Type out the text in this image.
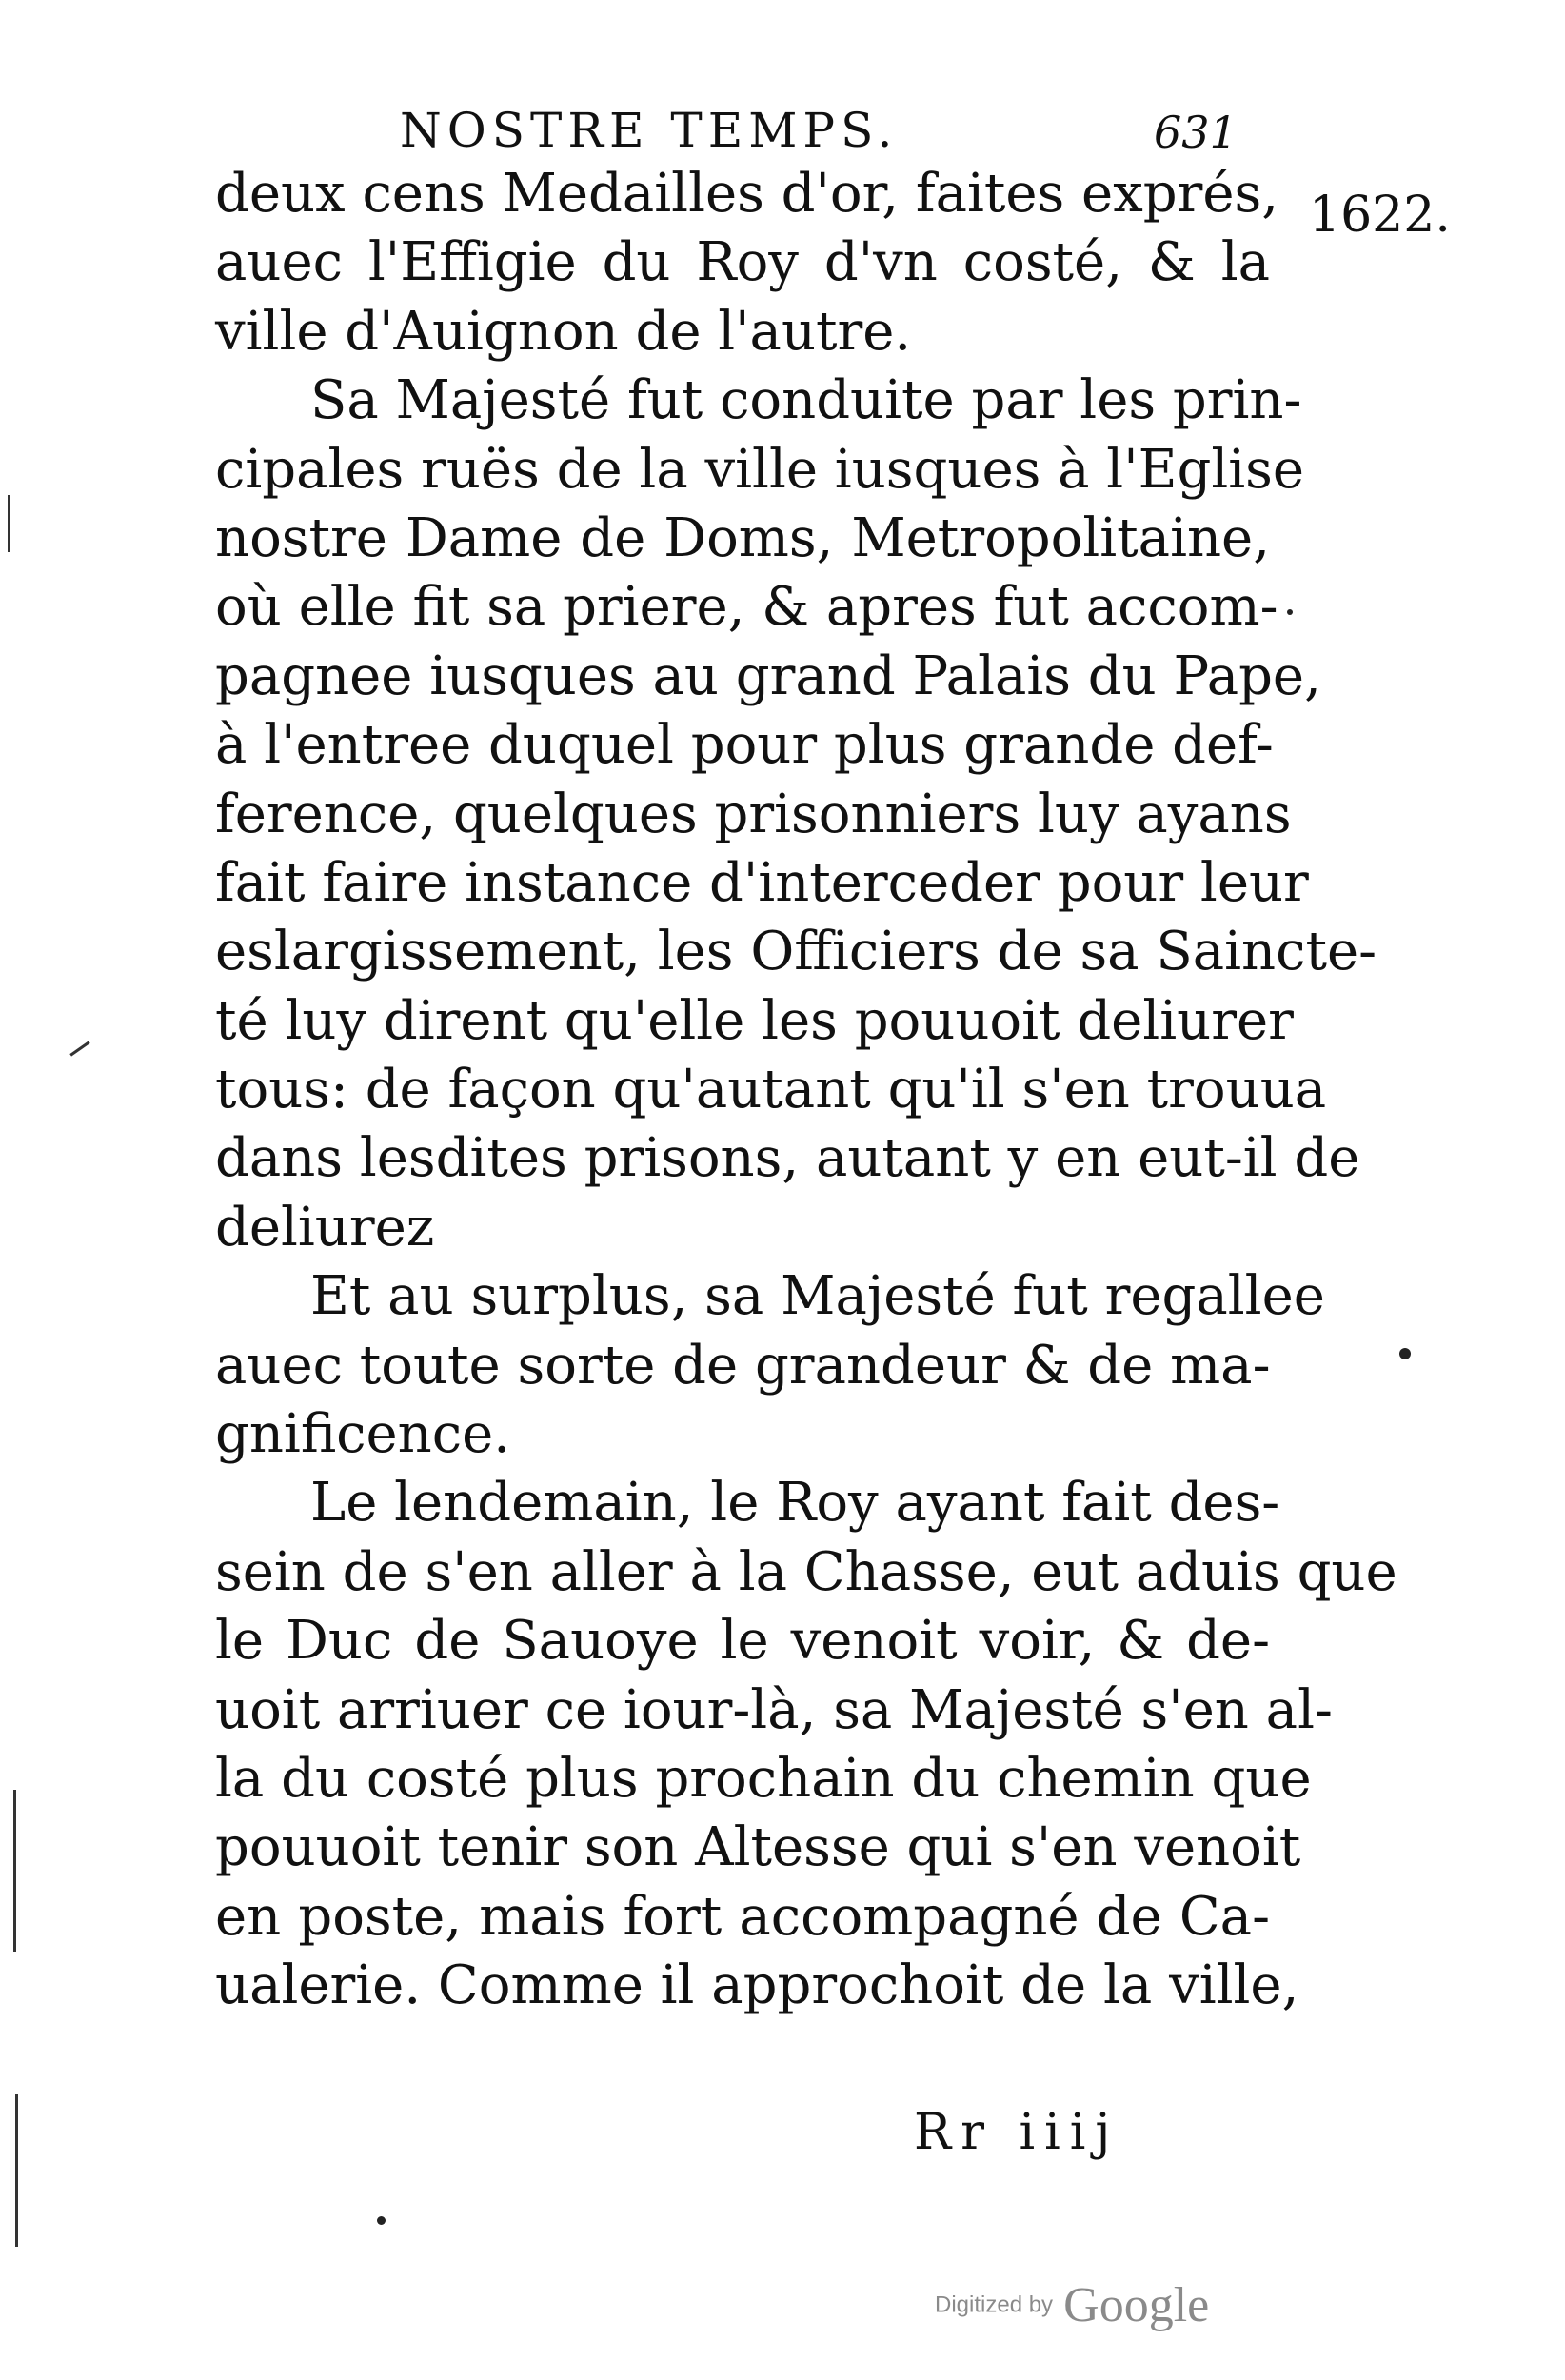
NOSTRE TEMPS.	631
1622.
deux cens Medailles d'or, faites exprés,
auec l'Effigie du Roy d'vn costé, & la
ville d'Auignon de l'autre.
Sa Majesté fut conduite par les prin-
cipales ruës de la ville iusques à l'Eglise
nostre Dame de Doms, Metropolitaine,
où elle fit sa priere, & apres fut accom-
pagnee iusques au grand Palais du Pape,
à l'entree duquel pour plus grande def-
ference, quelques prisonniers luy ayans
fait faire instance d'interceder pour leur
eslargissement, les Officiers de sa Saincte-
té luy dirent qu'elle les pouuoit deliurer
tous: de façon qu'autant qu'il s'en trouua
dans lesdites prisons, autant y en eut-il de
deliurez
Et au surplus, sa Majesté fut regallee
auec toute sorte de grandeur & de ma-
gnificence.
Le lendemain, le Roy ayant fait des-
sein de s'en aller à la Chasse, eut aduis que
le Duc de Sauoye le venoit voir, & de-
uoit arriuer ce iour-là, sa Majesté s'en al-
la du costé plus prochain du chemin que
pouuoit tenir son Altesse qui s'en venoit
en poste, mais fort accompagné de Ca-
ualerie. Comme il approchoit de la ville,
Rr iiij
Digitized by Google
